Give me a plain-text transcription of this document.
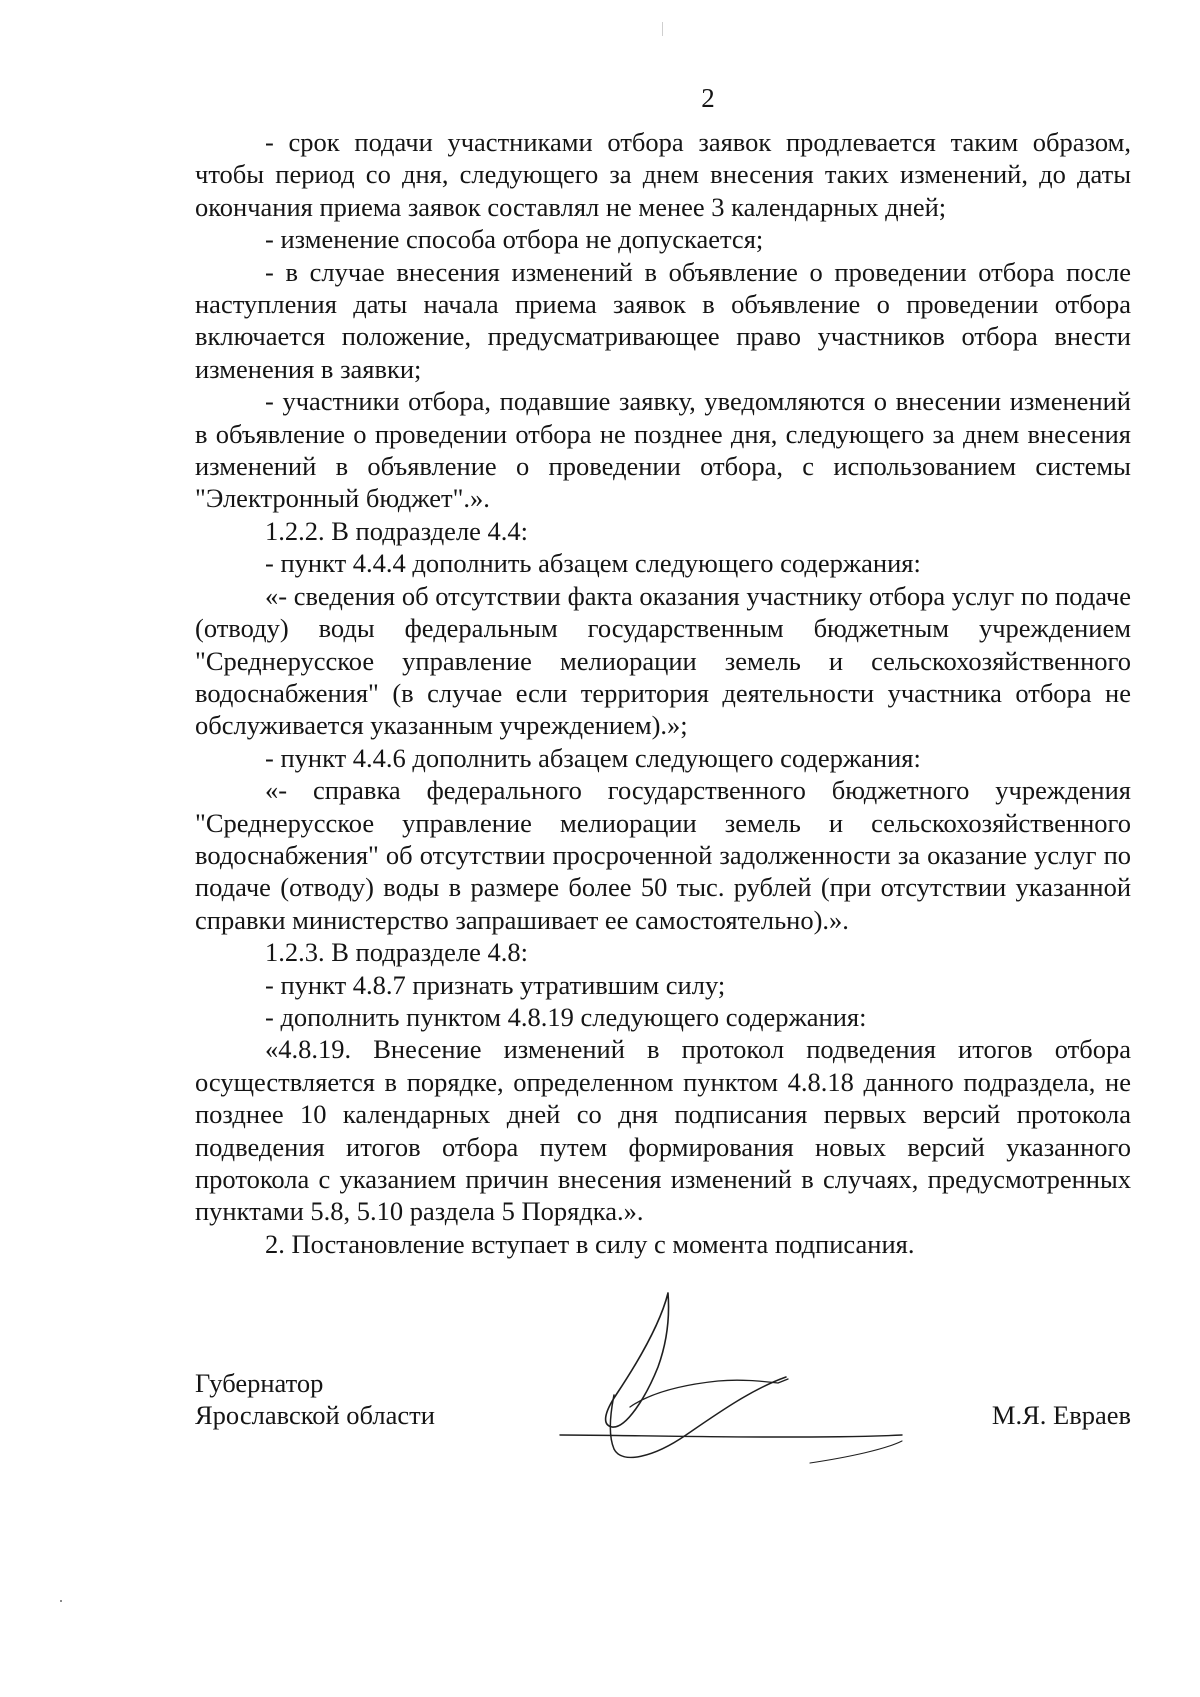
2

- срок подачи участниками отбора заявок продлевается таким образом, чтобы период со дня, следующего за днем внесения таких изменений, до даты окончания приема заявок составлял не менее 3 календарных дней;

- изменение способа отбора не допускается;

- в случае внесения изменений в объявление о проведении отбора после наступления даты начала приема заявок в объявление о проведении отбора включается положение, предусматривающее право участников отбора внести изменения в заявки;

- участники отбора, подавшие заявку, уведомляются о внесении изменений в объявление о проведении отбора не позднее дня, следующего за днем внесения изменений в объявление о проведении отбора, с использованием системы "Электронный бюджет".».

1.2.2. В подразделе 4.4:

- пункт 4.4.4 дополнить абзацем следующего содержания:

«- сведения об отсутствии факта оказания участнику отбора услуг по подаче (отводу) воды федеральным государственным бюджетным учреждением "Среднерусское управление мелиорации земель и сельскохозяйственного водоснабжения" (в случае если территория деятельности участника отбора не обслуживается указанным учреждением).»;

- пункт 4.4.6 дополнить абзацем следующего содержания:

«- справка федерального государственного бюджетного учреждения "Среднерусское управление мелиорации земель и сельскохозяйственного водоснабжения" об отсутствии просроченной задолженности за оказание услуг по подаче (отводу) воды в размере более 50 тыс. рублей (при отсутствии указанной справки министерство запрашивает ее самостоятельно).».

1.2.3. В подразделе 4.8:

- пункт 4.8.7 признать утратившим силу;

- дополнить пунктом 4.8.19 следующего содержания:

«4.8.19. Внесение изменений в протокол подведения итогов отбора осуществляется в порядке, определенном пунктом 4.8.18 данного подраздела, не позднее 10 календарных дней со дня подписания первых версий протокола подведения итогов отбора путем формирования новых версий указанного протокола с указанием причин внесения изменений в случаях, предусмотренных пунктами 5.8, 5.10 раздела 5 Порядка.».

2. Постановление вступает в силу с момента подписания.

Губернатор
Ярославской области	М.Я. Евраев
